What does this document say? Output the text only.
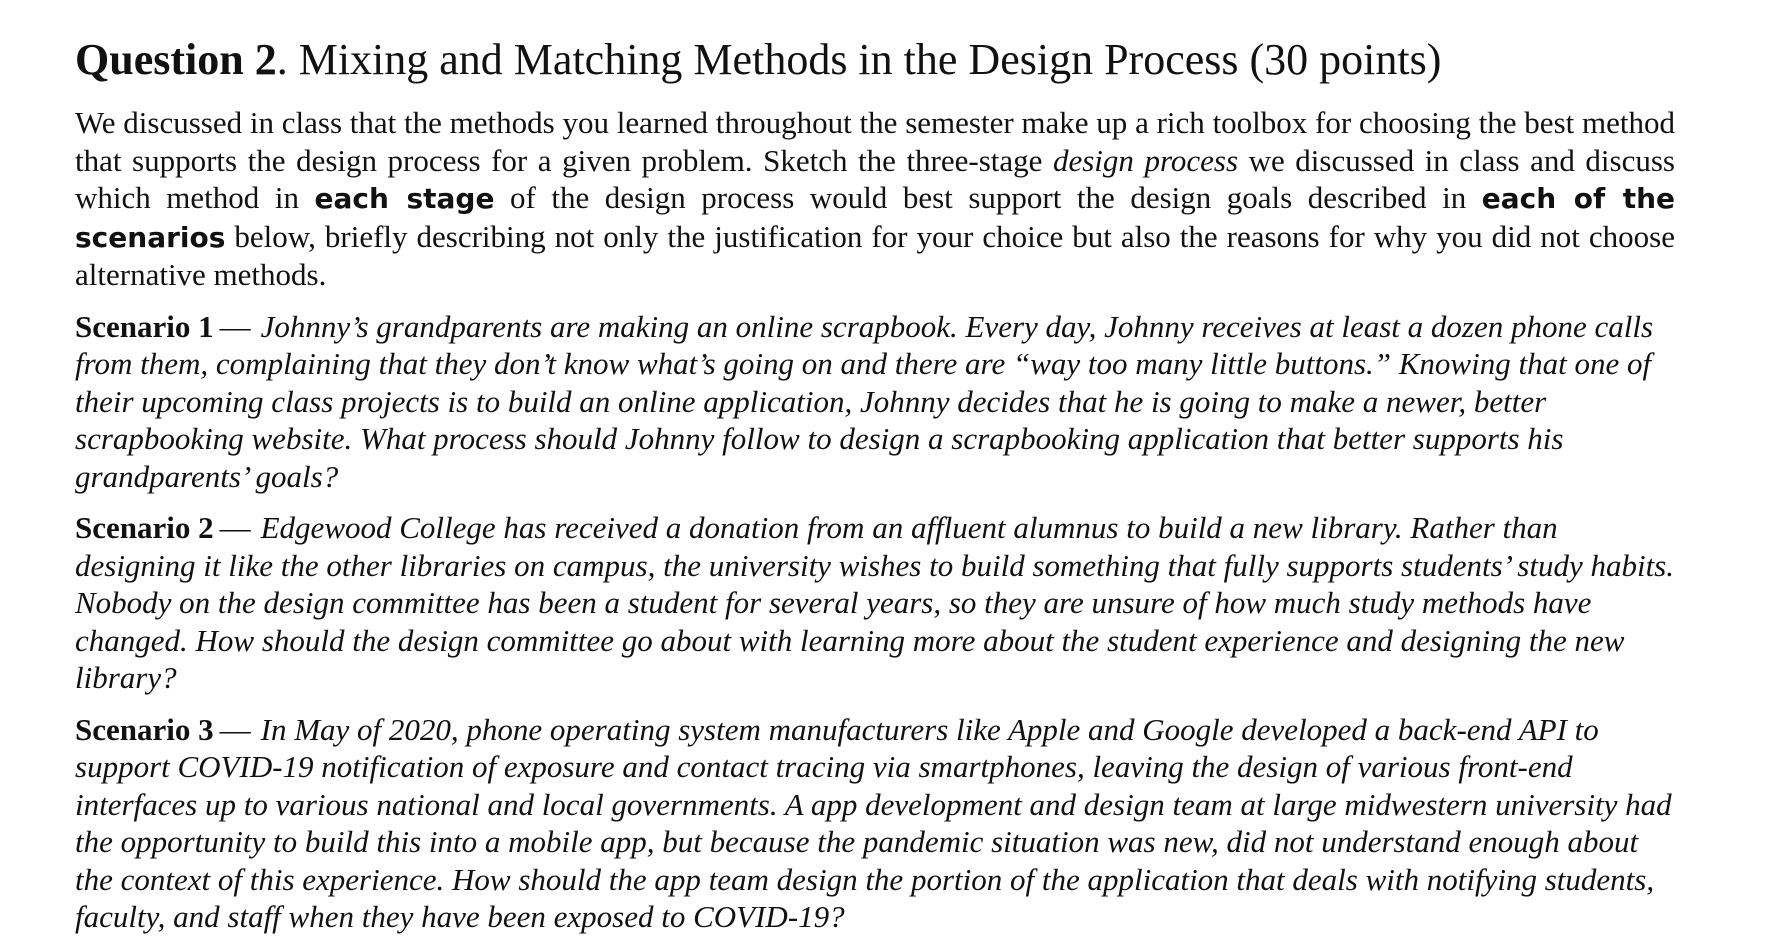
Question 2. Mixing and Matching Methods in the Design Process (30 points)

We discussed in class that the methods you learned throughout the semester make up a rich toolbox for choosing the best method that supports the design process for a given problem. Sketch the three-stage design process we discussed in class and discuss which method in each stage of the design process would best support the design goals described in each of the scenarios below, briefly describing not only the justification for your choice but also the reasons for why you did not choose alternative methods.

Scenario 1 — Johnny’s grandparents are making an online scrapbook. Every day, Johnny receives at least a dozen phone calls from them, complaining that they don’t know what’s going on and there are “way too many little buttons.” Knowing that one of their upcoming class projects is to build an online application, Johnny decides that he is going to make a newer, better scrapbooking website. What process should Johnny follow to design a scrapbooking application that better supports his grandparents’ goals?

Scenario 2 — Edgewood College has received a donation from an affluent alumnus to build a new library. Rather than designing it like the other libraries on campus, the university wishes to build something that fully supports students’ study habits. Nobody on the design committee has been a student for several years, so they are unsure of how much study methods have changed. How should the design committee go about with learning more about the student experience and designing the new library?

Scenario 3 — In May of 2020, phone operating system manufacturers like Apple and Google developed a back-end API to support COVID-19 notification of exposure and contact tracing via smartphones, leaving the design of various front-end interfaces up to various national and local governments. A app development and design team at large midwestern university had the opportunity to build this into a mobile app, but because the pandemic situation was new, did not understand enough about the context of this experience. How should the app team design the portion of the application that deals with notifying students, faculty, and staff when they have been exposed to COVID-19?
